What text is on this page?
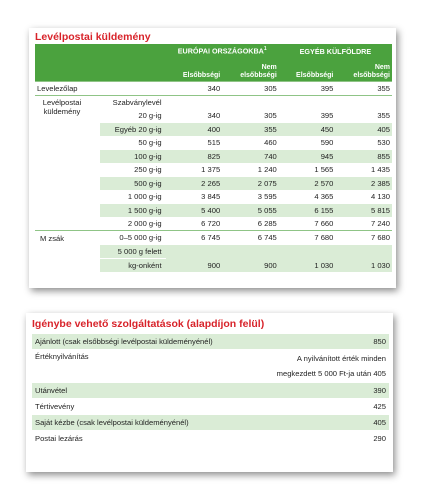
Levélpostai küldemény
		EURÓPAI ORSZÁGOKBA$^1$		EGYÉB KÜLFÖLDRE	
		Elsőbbségi	Nem elsőbbségi	Elsőbbségi	Nem elsőbbségi
Levelezőlap		340	305	395	355
Levélpostai küldemény	Szabványlevél				
	20 g-ig	340	305	395	355
	Egyéb 20 g-ig	400	355	450	405
	50 g-ig	515	460	590	530
	100 g-ig	825	740	945	855
	250 g-ig	1 375	1 240	1 565	1 435
	500 g-ig	2 265	2 075	2 570	2 385
	1 000 g-ig	3 845	3 595	4 365	4 130
	1 500 g-ig	5 400	5 055	6 155	5 815
	2 000 g-ig	6 720	6 285	7 660	7 240
M zsák	0–5 000 g-ig	6 745	6 745	7 680	7 680
	5 000 g felett				
	kg-onként	900	900	1 030	1 030
Igénybe vehető szolgáltatások (alapdíjon felül)
Ajánlott (csak elsőbbségi levélpostai küldeményénél)	850
Értéknyilvánítás	A nyilvánított érték minden
megkezdett 5 000 Ft-ja után 405

Utánvétel	390
Tértivevény	425
Saját kézbe (csak levélpostai küldeményénél)	405
Postai lezárás	290
